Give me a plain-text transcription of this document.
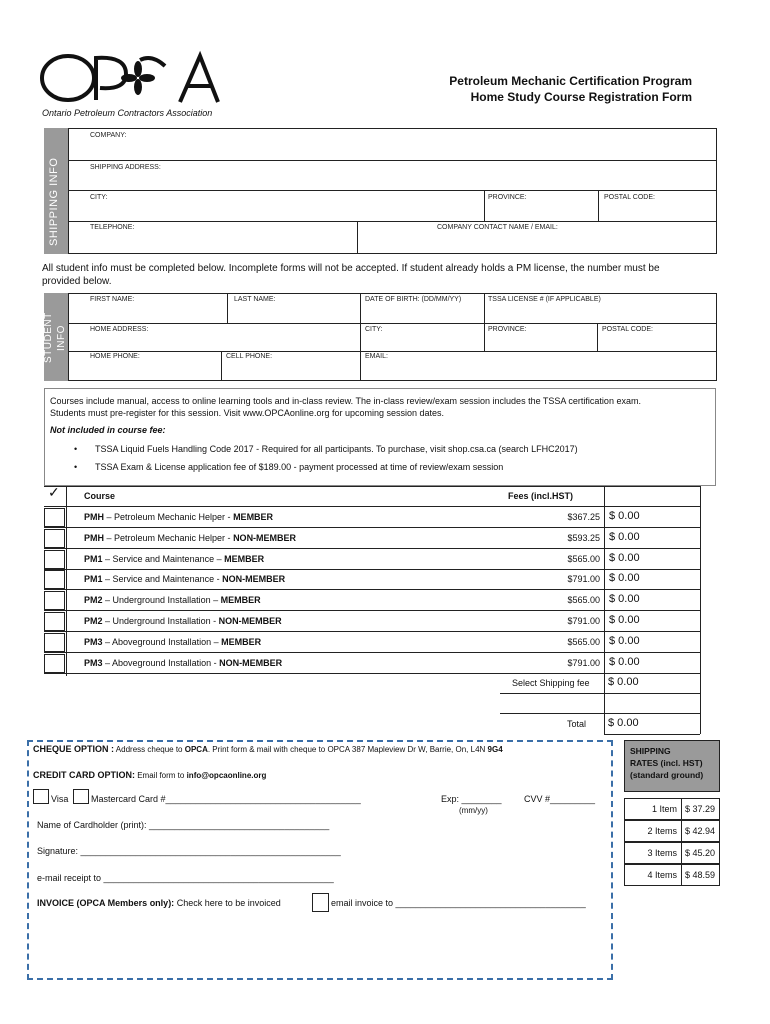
Ontario Petroleum Contractors Association
Petroleum Mechanic Certification Program
Home Study Course Registration Form
SHIPPING INFO
COMPANY:
SHIPPING ADDRESS:
CITY:	PROVINCE:	POSTAL CODE:
TELEPHONE:	COMPANY CONTACT NAME / EMAIL:
All student info must be completed below. Incomplete forms will not be accepted. If student already holds a PM license, the number must be provided below.
STUDENT INFO
FIRST NAME:	LAST NAME:	DATE OF BIRTH: (DD/MM/YY)	TSSA LICENSE # (IF APPLICABLE)
HOME ADDRESS:	CITY:	PROVINCE:	POSTAL CODE:
HOME PHONE:	CELL PHONE:	EMAIL:
Courses include manual, access to online learning tools and in-class review. The in-class review/exam session includes the TSSA certification exam. Students must pre-register for this session. Visit www.OPCAonline.org for upcoming session dates.
Not included in course fee:
• TSSA Liquid Fuels Handling Code 2017 - Required for all participants. To purchase, visit shop.csa.ca (search LFHC2017)
• TSSA Exam & License application fee of $189.00 - payment processed at time of review/exam session
✓	Course	Fees (incl.HST)
PMH – Petroleum Mechanic Helper - MEMBER	$367.25 $ 0.00
PMH – Petroleum Mechanic Helper - NON-MEMBER	$593.25 $ 0.00
PM1 – Service and Maintenance – MEMBER	$565.00 $ 0.00
PM1 – Service and Maintenance - NON-MEMBER	$791.00 $ 0.00
PM2 – Underground Installation – MEMBER	$565.00 $ 0.00
PM2 – Underground Installation - NON-MEMBER	$791.00 $ 0.00
PM3 – Aboveground Installation – MEMBER	$565.00 $ 0.00
PM3 – Aboveground Installation - NON-MEMBER	$791.00 $ 0.00
Select Shipping fee $ 0.00
Total $ 0.00
CHEQUE OPTION : Address cheque to OPCA. Print form & mail with cheque to OPCA 387 Mapleview Dr W, Barrie, On, L4N 9G4
CREDIT CARD OPTION: Email form to info@opcaonline.org
Visa	Mastercard Card #_______________________________________	Exp: ________
(mm/yy)
CVV #_________
Name of Cardholder (print): ____________________________________
Signature: ____________________________________________________
e-mail receipt to ______________________________________________
INVOICE (OPCA Members only): Check here to be invoiced	email invoice to ______________________________________
SHIPPING
RATES (incl. HST)
(standard ground)
1 Item $ 37.29
2 Items $ 42.94
3 Items $ 45.20
4 Items $ 48.59
